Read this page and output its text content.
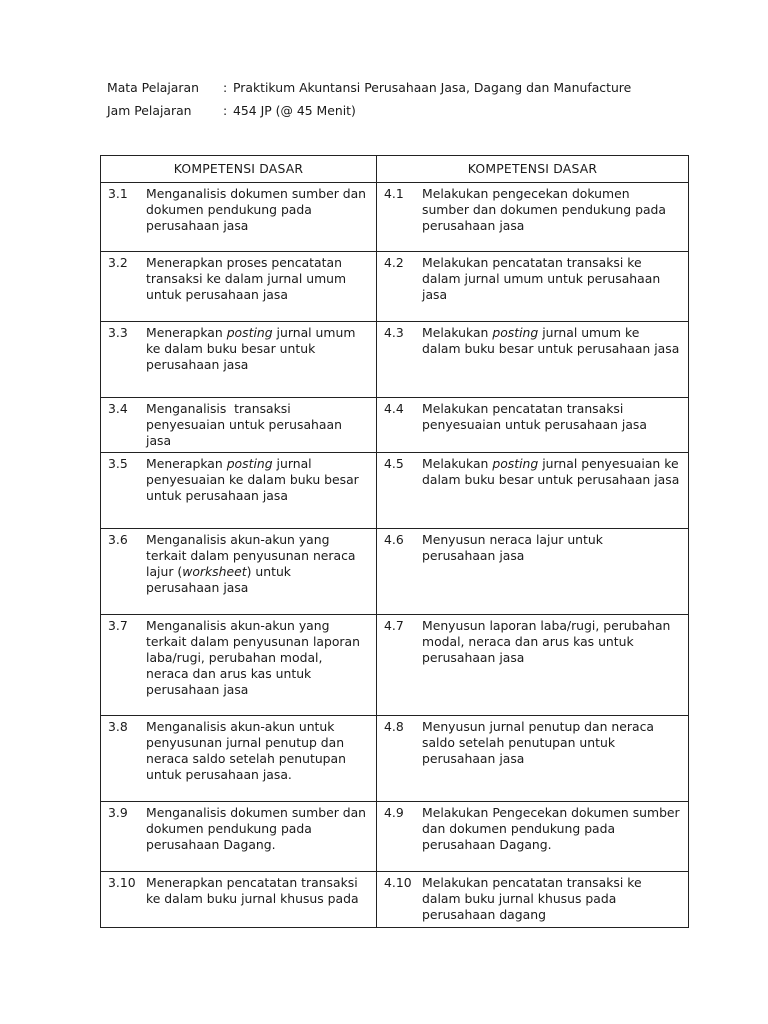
Mata Pelajaran	: Praktikum Akuntansi Perusahaan Jasa, Dagang dan Manufacture
Jam Pelajaran	: 454 JP (@ 45 Menit)
KOMPETENSI DASAR	KOMPETENSI DASAR

3.1 Menganalisis dokumen sumber dan dokumen pendukung pada perusahaan jasa	4.1 Melakukan pengecekan dokumen sumber dan dokumen pendukung pada perusahaan jasa

3.2 Menerapkan proses pencatatan transaksi ke dalam jurnal umum untuk perusahaan jasa	4.2 Melakukan pencatatan transaksi ke dalam jurnal umum untuk perusahaan jasa

3.3 Menerapkan posting jurnal umum ke dalam buku besar untuk perusahaan jasa	4.3 Melakukan posting jurnal umum ke dalam buku besar untuk perusahaan jasa

3.4 Menganalisis  transaksi penyesuaian untuk perusahaan jasa	4.4 Melakukan pencatatan transaksi penyesuaian untuk perusahaan jasa

3.5 Menerapkan posting jurnal penyesuaian ke dalam buku besar untuk perusahaan jasa	4.5 Melakukan posting jurnal penyesuaian ke dalam buku besar untuk perusahaan jasa

3.6 Menganalisis akun-akun yang terkait dalam penyusunan neraca lajur (worksheet) untuk perusahaan jasa	4.6 Menyusun neraca lajur untuk perusahaan jasa

3.7 Menganalisis akun-akun yang terkait dalam penyusunan laporan laba/rugi, perubahan modal, neraca dan arus kas untuk perusahaan jasa	4.7 Menyusun laporan laba/rugi, perubahan modal, neraca dan arus kas untuk perusahaan jasa

3.8 Menganalisis akun-akun untuk penyusunan jurnal penutup dan neraca saldo setelah penutupan untuk perusahaan jasa.	4.8 Menyusun jurnal penutup dan neraca saldo setelah penutupan untuk perusahaan jasa

3.9 Menganalisis dokumen sumber dan dokumen pendukung pada perusahaan Dagang.	4.9 Melakukan Pengecekan dokumen sumber dan dokumen pendukung pada perusahaan Dagang.

3.10 Menerapkan pencatatan transaksi ke dalam buku jurnal khusus pada	4.10 Melakukan pencatatan transaksi ke dalam buku jurnal khusus pada perusahaan dagang
